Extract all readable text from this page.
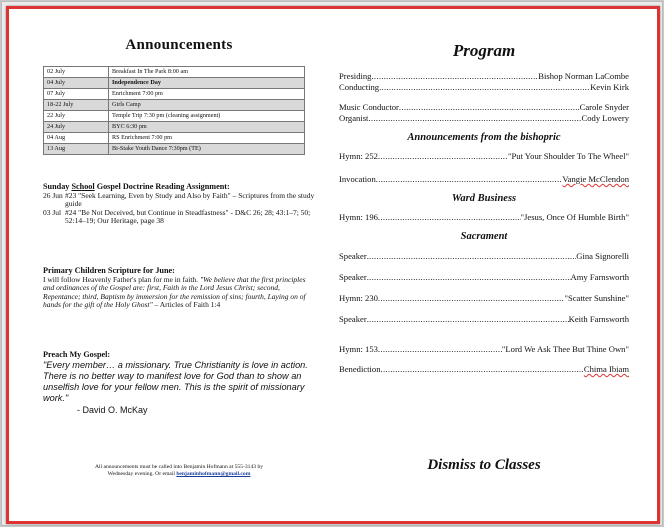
Announcements
02 July	Breakfast In The Park 8:00 am
04 July	Independence Day
07 July	Enrichment 7:00 pm
18-22 July	Girls Camp
22 July	Temple Trip 7:30 pm (cleaning assignment)
24 July	BYC 6:30 pm
04 Aug	RS Enrichment 7:00 pm
13 Aug	Bi-Stake Youth Dance 7:30pm (TE)
Sunday School Gospel Doctrine Reading Assignment:
26 Jun #23 "Seek Learning, Even by Study and Also by Faith" – Scriptures from the study guide
03 Jul #24 "Be Not Deceived, but Continue in Steadfastness" - D&C 26; 28; 43:1–7; 50; 52:14–19; Our Heritage, page 38
Primary Children Scripture for June:
I will follow Heavenly Father's plan for me in faith. "We believe that the first principles and ordinances of the Gospel are: first, Faith in the Lord Jesus Christ; second, Repentance; third, Baptism by immersion for the remission of sins; fourth, Laying on of hands for the gift of the Holy Ghost" – Articles of Faith 1:4
Preach My Gospel:
"Every member… a missionary. True Christianity is love in action. There is no better way to manifest love for God than to show an unselfish love for your fellow men. This is the spirit of missionary work."
- David O. McKay
All announcements must be called into Benjamin Hofmann at 555-3143 by
Wednesday evening. Or email benjaminhofmann@gmail.com
Program
Presiding .....	Bishop Norman LaCombe
Conducting .....	Kevin Kirk
Music Conductor .....	Carole Snyder
Organist .....	Cody Lowery
Announcements from the bishopric
Hymn: 252 .....	"Put Your Shoulder To The Wheel"
Invocation .....	Vangie McClendon
Ward Business
Hymn: 196 .....	"Jesus, Once Of Humble Birth"
Sacrament
Speaker .....	Gina Signorelli
Speaker .....	Amy Farnsworth
Hymn: 230 .....	"Scatter Sunshine"
Speaker .....	Keith Farnsworth
Hymn: 153 .....	"Lord We Ask Thee But Thine Own"
Benediction .....	Chima Ibiam
Dismiss to Classes
